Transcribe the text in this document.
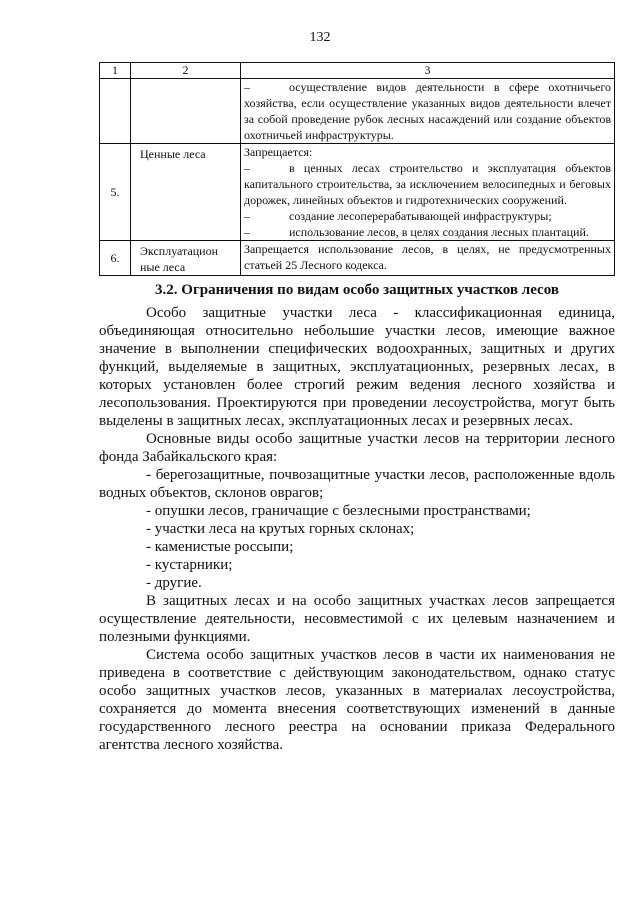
132
1	2	3

		– осуществление видов деятельности в сфере охотничьего хозяйства, если осуществление указанных видов деятельности влечет за собой проведение рубок лесных насаждений или создание объектов охотничьей инфраструктуры.

5.	Ценные леса	Запрещается:
– в ценных лесах строительство и эксплуатация объектов капитального строительства, за исключением велосипедных и беговых дорожек, линейных объектов и гидротехнических сооружений.
– создание лесоперерабатывающей инфраструктуры;
– использование лесов, в целях создания лесных плантаций.

6.	Эксплуатацион ные леса	Запрещается использование лесов, в целях, не предусмотренных статьей 25 Лесного кодекса.
3.2. Ограничения по видам особо защитных участков лесов

Особо защитные участки леса - классификационная единица, объединяющая относительно небольшие участки лесов, имеющие важное значение в выполнении специфических водоохранных, защитных и других функций, выделяемые в защитных, эксплуатационных, резервных лесах, в которых установлен более строгий режим ведения лесного хозяйства и лесопользования. Проектируются при проведении лесоустройства, могут быть выделены в защитных лесах, эксплуатационных лесах и резервных лесах.

Основные виды особо защитные участки лесов на территории лесного фонда Забайкальского края:

- берегозащитные, почвозащитные участки лесов, расположенные вдоль водных объектов, склонов оврагов;

- опушки лесов, граничащие с безлесными пространствами;

- участки леса на крутых горных склонах;

- каменистые россыпи;

- кустарники;

- другие.

В защитных лесах и на особо защитных участках лесов запрещается осуществление деятельности, несовместимой с их целевым назначением и полезными функциями.

Система особо защитных участков лесов в части их наименования не приведена в соответствие с действующим законодательством, однако статус особо защитных участков лесов, указанных в материалах лесоустройства, сохраняется до момента внесения соответствующих изменений в данные государственного лесного реестра на основании приказа Федерального агентства лесного хозяйства.
